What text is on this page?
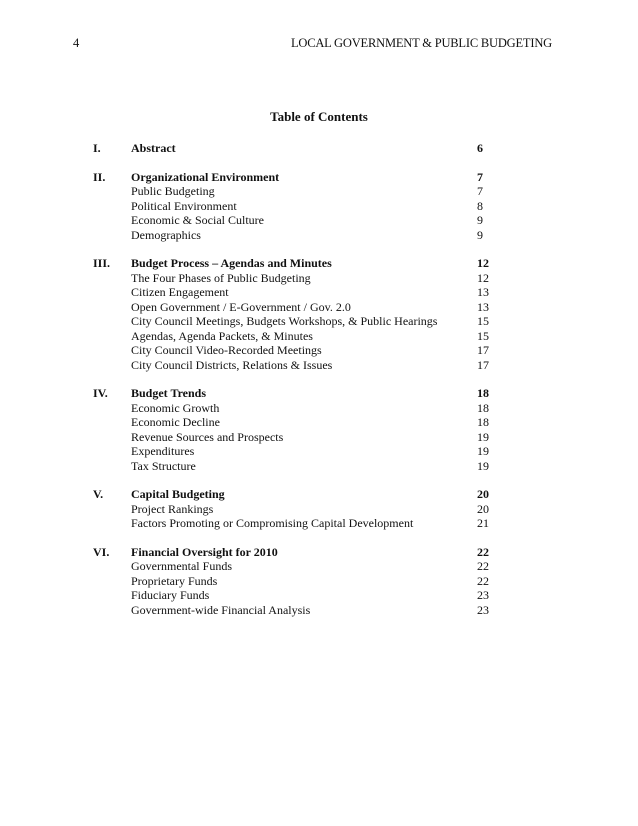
4	LOCAL GOVERNMENT & PUBLIC BUDGETING
Table of Contents
I.	Abstract	6
II.	Organizational Environment	7
Public Budgeting	7
Political Environment	8
Economic & Social Culture	9
Demographics	9
III.	Budget Process – Agendas and Minutes	12
The Four Phases of Public Budgeting	12
Citizen Engagement	13
Open Government / E-Government / Gov. 2.0	13
City Council Meetings, Budgets Workshops, & Public Hearings	15
Agendas, Agenda Packets, & Minutes	15
City Council Video-Recorded Meetings	17
City Council Districts, Relations & Issues	17
IV.	Budget Trends	18
Economic Growth	18
Economic Decline	18
Revenue Sources and Prospects	19
Expenditures	19
Tax Structure	19
V.	Capital Budgeting	20
Project Rankings	20
Factors Promoting or Compromising Capital Development	21
VI.	Financial Oversight for 2010	22
Governmental Funds	22
Proprietary Funds	22
Fiduciary Funds	23
Government-wide Financial Analysis	23
